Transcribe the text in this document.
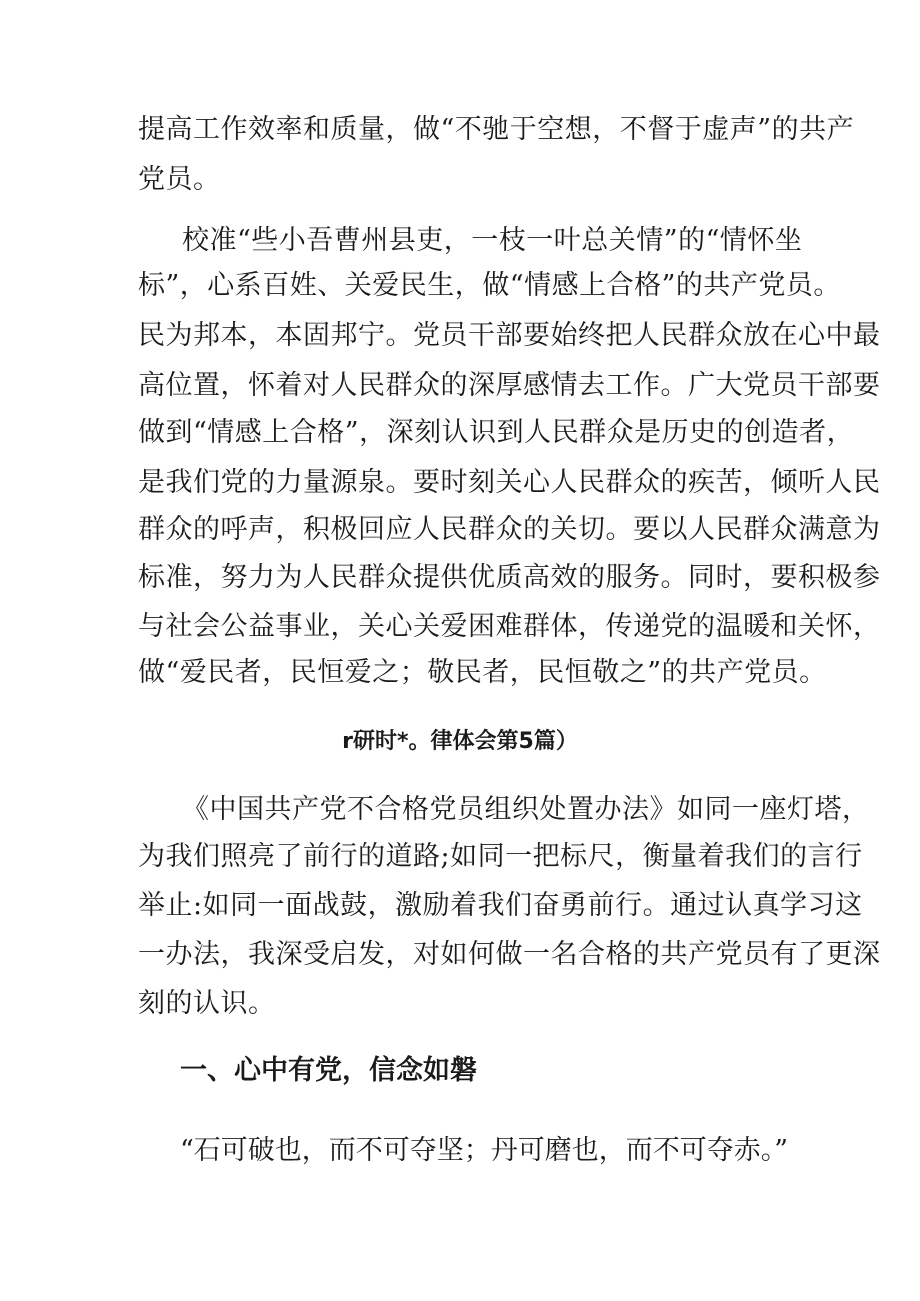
提高工作效率和质量，做“不驰于空想，不督于虚声”的共产
党员。
校准“些小吾曹州县吏，一枝一叶总关情”的“情怀坐
标”，心系百姓、关爱民生，做“情感上合格”的共产党员。
民为邦本，本固邦宁。党员干部要始终把人民群众放在心中最
高位置，怀着对人民群众的深厚感情去工作。广大党员干部要
做到“情感上合格”，深刻认识到人民群众是历史的创造者，
是我们党的力量源泉。要时刻关心人民群众的疾苦，倾听人民
群众的呼声，积极回应人民群众的关切。要以人民群众满意为
标准，努力为人民群众提供优质高效的服务。同时，要积极参
与社会公益事业，关心关爱困难群体，传递党的温暖和关怀，
做“爱民者，民恒爱之；敬民者，民恒敬之”的共产党员。
r研时*。律体会第5篇）
《中国共产党不合格党员组织处置办法》如同一座灯塔，
为我们照亮了前行的道路;如同一把标尺，衡量着我们的言行
举止:如同一面战鼓，激励着我们奋勇前行。通过认真学习这
一办法，我深受启发，对如何做一名合格的共产党员有了更深
刻的认识。
一、心中有党，信念如磐
“石可破也，而不可夺坚；丹可磨也，而不可夺赤。”
